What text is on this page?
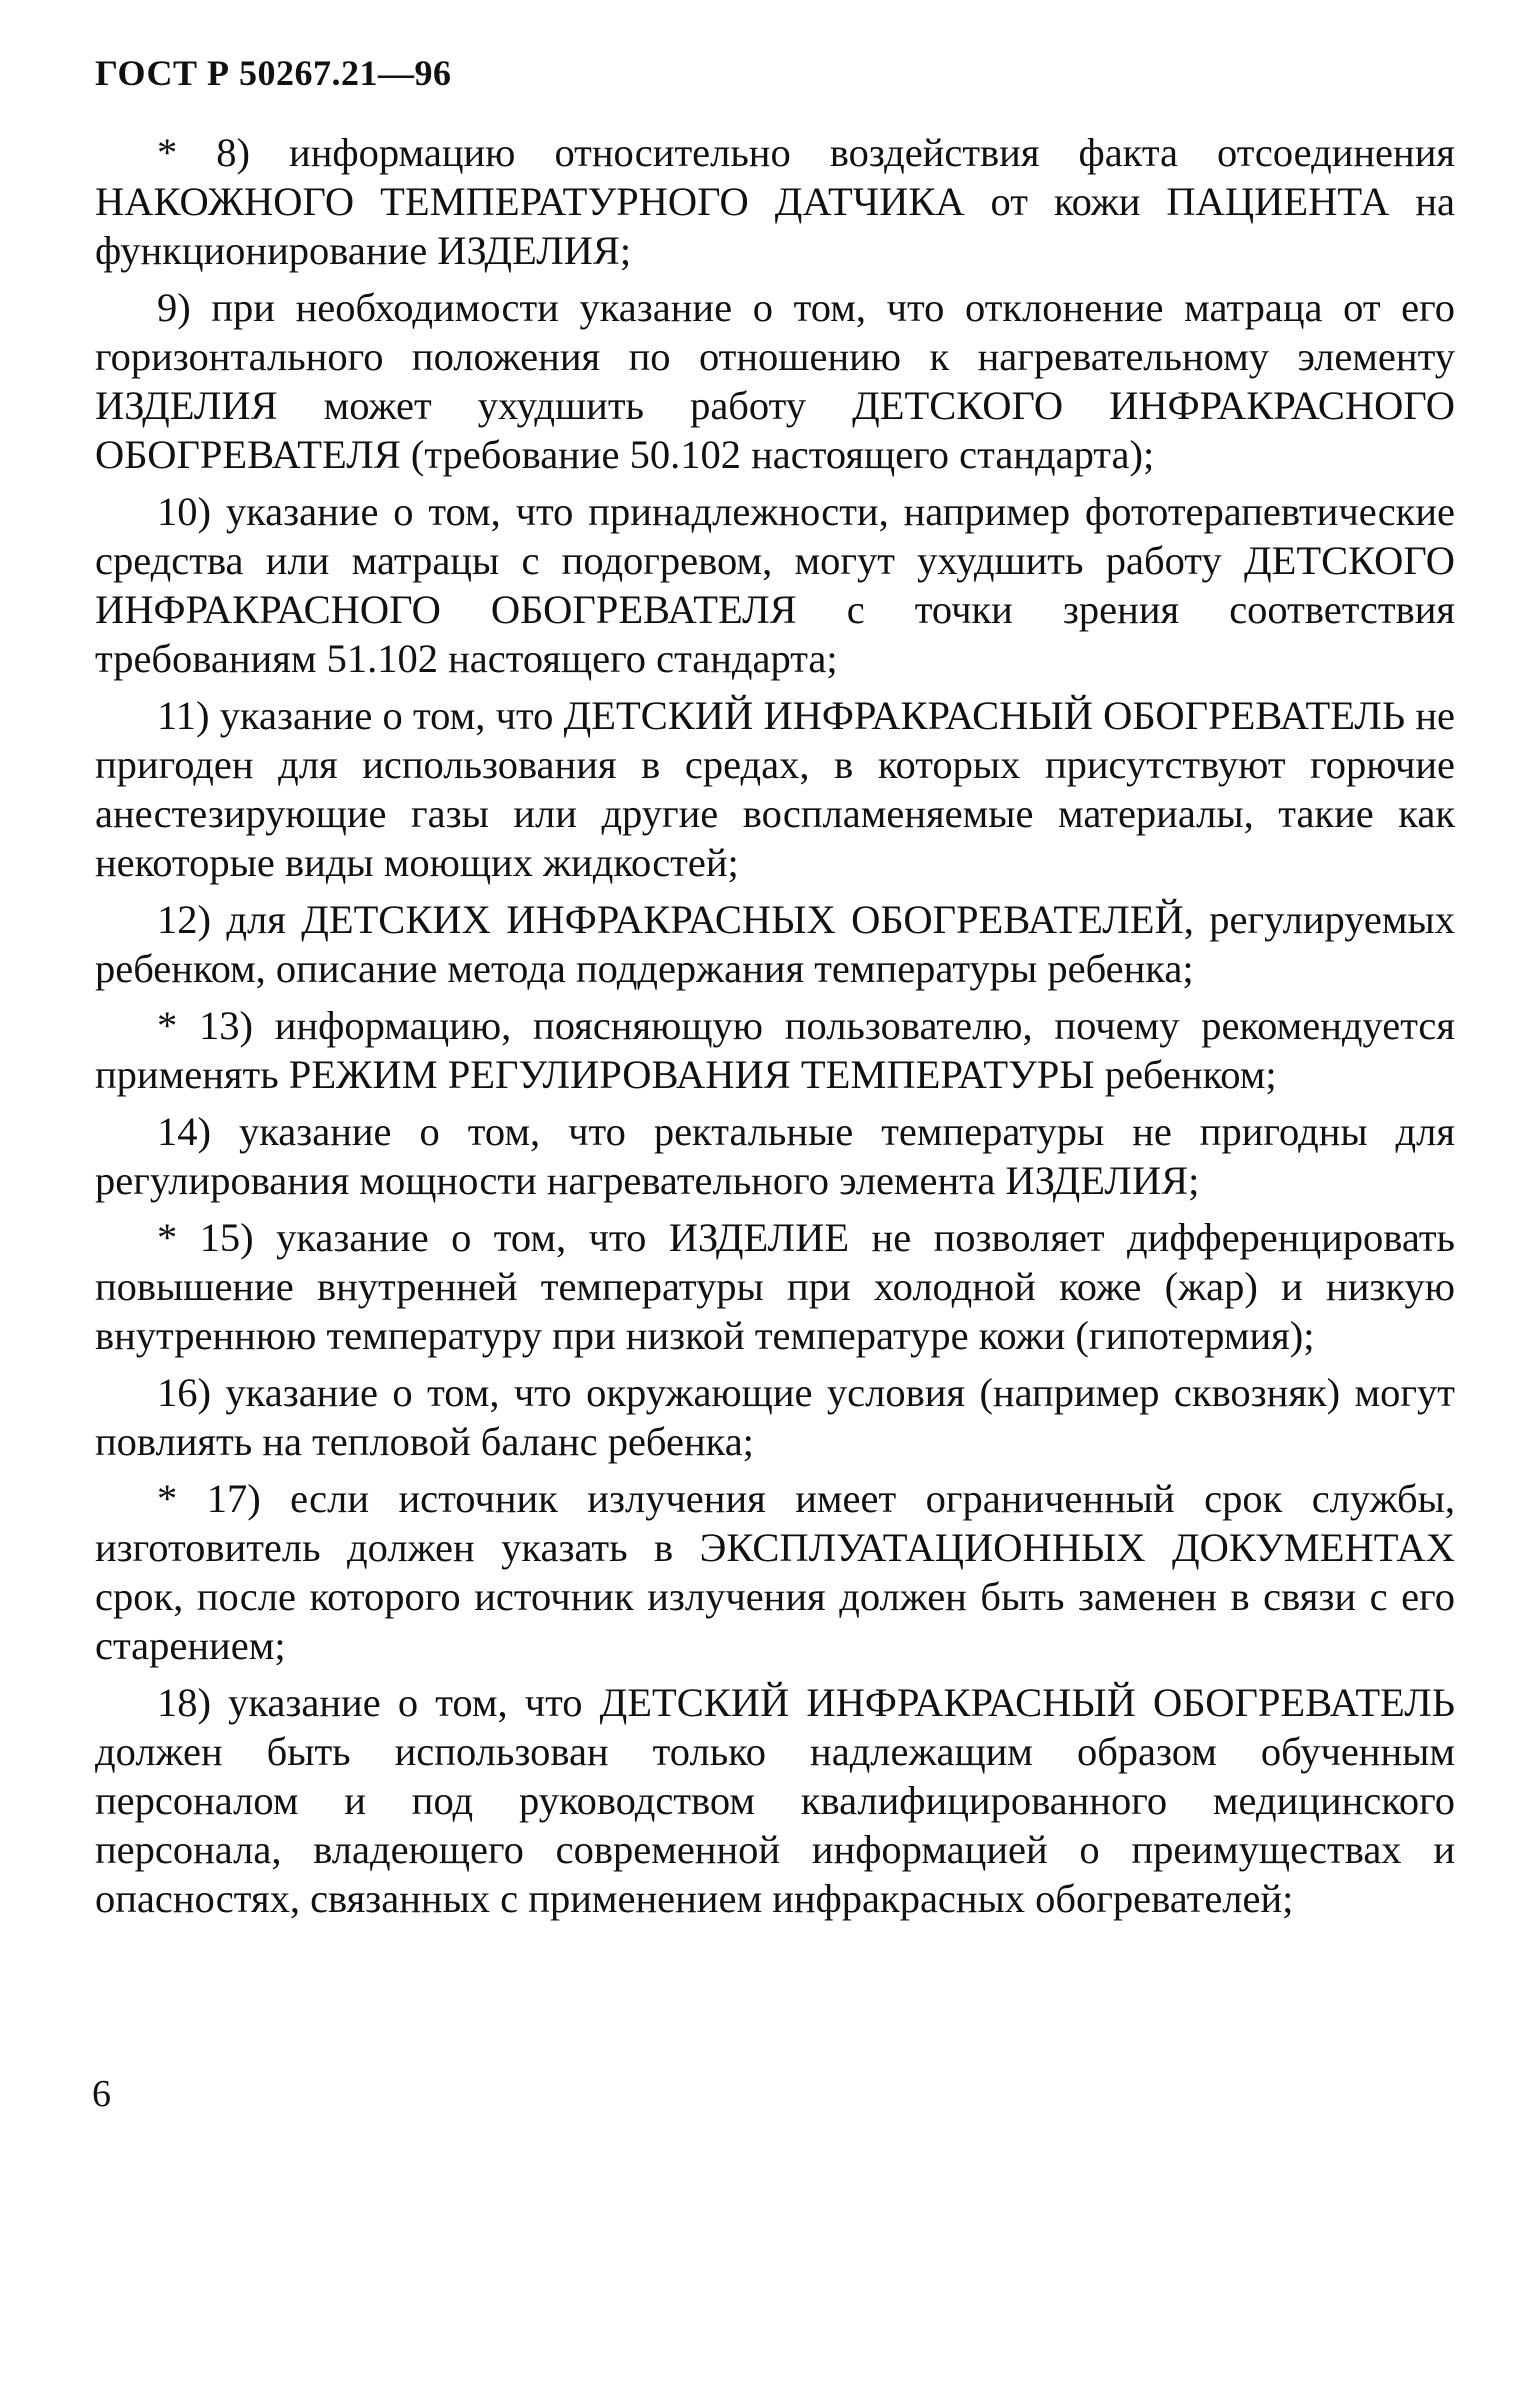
ГОСТ Р 50267.21—96

* 8) информацию относительно воздействия факта отсоединения НАКОЖНОГО ТЕМПЕРАТУРНОГО ДАТЧИКА от кожи ПАЦИЕНТА на функционирование ИЗДЕЛИЯ;

9) при необходимости указание о том, что отклонение матраца от его горизонтального положения по отношению к нагревательному элементу ИЗДЕЛИЯ может ухудшить работу ДЕТСКОГО ИНФРАКРАСНОГО ОБОГРЕВАТЕЛЯ (требование 50.102 настоящего стандарта);

10) указание о том, что принадлежности, например фототерапевтические средства или матрацы с подогревом, могут ухудшить работу ДЕТСКОГО ИНФРАКРАСНОГО ОБОГРЕВАТЕЛЯ с точки зрения соответствия требованиям 51.102 настоящего стандарта;

11) указание о том, что ДЕТСКИЙ ИНФРАКРАСНЫЙ ОБОГРЕВАТЕЛЬ не пригоден для использования в средах, в которых присутствуют горючие анестезирующие газы или другие воспламеняемые материалы, такие как некоторые виды моющих жидкостей;

12) для ДЕТСКИХ ИНФРАКРАСНЫХ ОБОГРЕВАТЕЛЕЙ, регулируемых ребенком, описание метода поддержания температуры ребенка;

* 13) информацию, поясняющую пользователю, почему рекомендуется применять РЕЖИМ РЕГУЛИРОВАНИЯ ТЕМПЕРАТУРЫ ребенком;

14) указание о том, что ректальные температуры не пригодны для регулирования мощности нагревательного элемента ИЗДЕЛИЯ;

* 15) указание о том, что ИЗДЕЛИЕ не позволяет дифференцировать повышение внутренней температуры при холодной коже (жар) и низкую внутреннюю температуру при низкой температуре кожи (гипотермия);

16) указание о том, что окружающие условия (например сквозняк) могут повлиять на тепловой баланс ребенка;

* 17) если источник излучения имеет ограниченный срок службы, изготовитель должен указать в ЭКСПЛУАТАЦИОННЫХ ДОКУМЕНТАХ срок, после которого источник излучения должен быть заменен в связи с его старением;

18) указание о том, что ДЕТСКИЙ ИНФРАКРАСНЫЙ ОБОГРЕВАТЕЛЬ должен быть использован только надлежащим образом обученным персоналом и под руководством квалифицированного медицинского персонала, владеющего современной информацией о преимуществах и опасностях, связанных с применением инфракрасных обогревателей;

6
